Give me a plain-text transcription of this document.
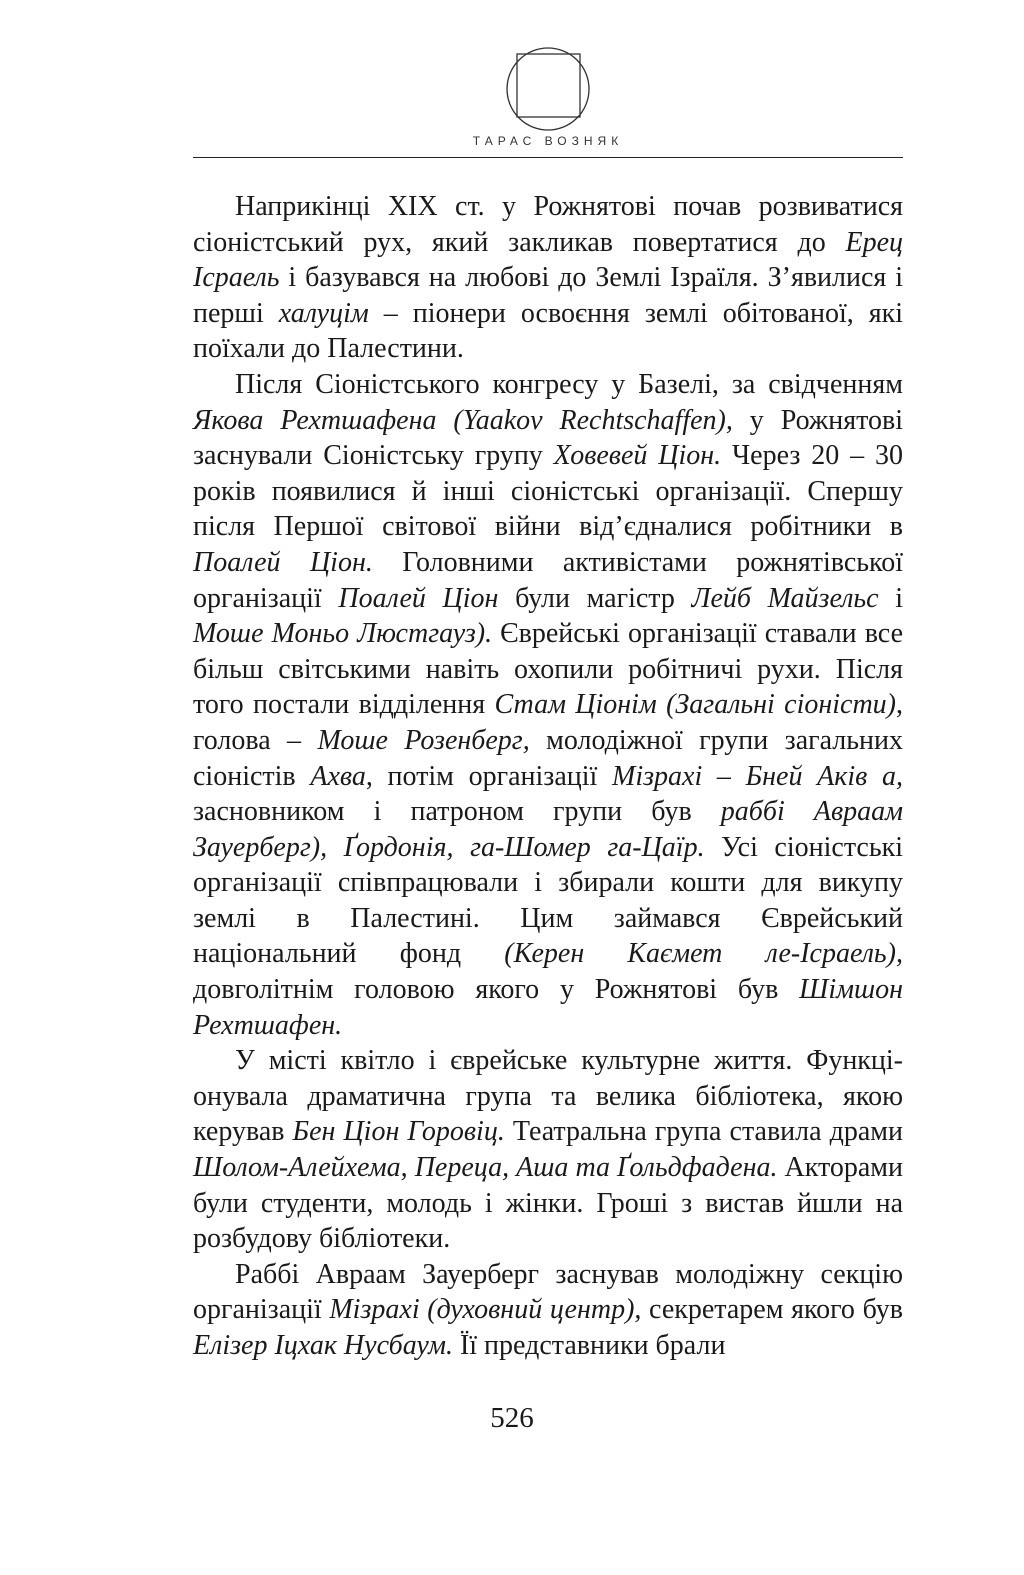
ТАРАС ВОЗНЯК

Наприкінці XIX ст. у Рожнятові почав розвиватися сіоністський рух, який закликав повертатися до Ерец Ісраель і базувався на любові до Землі Ізраїля. З’явилися і перші халуцім – піонери освоєння землі обітованої, які поїхали до Палестини.

Після Сіоністського конгресу у Базелі, за свідченням Якова Рехтшафена (Yaakov Rechtschaffen), у Рожнятові заснували Сіоністську групу Ховевей Ціон. Через 20 – 30 років появилися й інші сіоністські організації. Спершу після Першої світової війни від’єдналися робітники в Поалей Ціон. Головними активістами рожнятівської організації Поалей Ціон були магістр Лейб Майзельс і Моше Моньо Люстгауз). Єврейські організації ставали все більш світськими навіть охопили робітничі рухи. Після того постали відділення Стам Ціонім (Загальні сіоністи), голова – Моше Розенберг, молодіжної групи загальних сіоністів Ахва, потім організації Мізрахі – Бней Аків а, засновником і патроном групи був раббі Авраам Зауерберг), Ґордонія, га-Шомер га-Цаїр. Усі сіоністські організації співпрацювали і збирали кошти для викупу землі в Палестині. Цим займався Єврейський національний фонд (Керен Каємет ле-Ісраель), довголітнім головою якого у Рожнятові був Шімшон Рехтшафен.

У місті квітло і єврейське культурне життя. Функціонувала драматична група та велика бібліотека, якою керував Бен Ціон Горовіц. Театральна група ставила драми Шолом-Алейхема, Переца, Аша та Ґольдфадена. Акторами були студенти, молодь і жінки. Гроші з вистав йшли на розбудову бібліотеки.

Раббі Авраам Зауерберг заснував молодіжну секцію організації Мізрахі (духовний центр), секретарем якого був Елізер Іцхак Нусбаум. Її представники брали

526
